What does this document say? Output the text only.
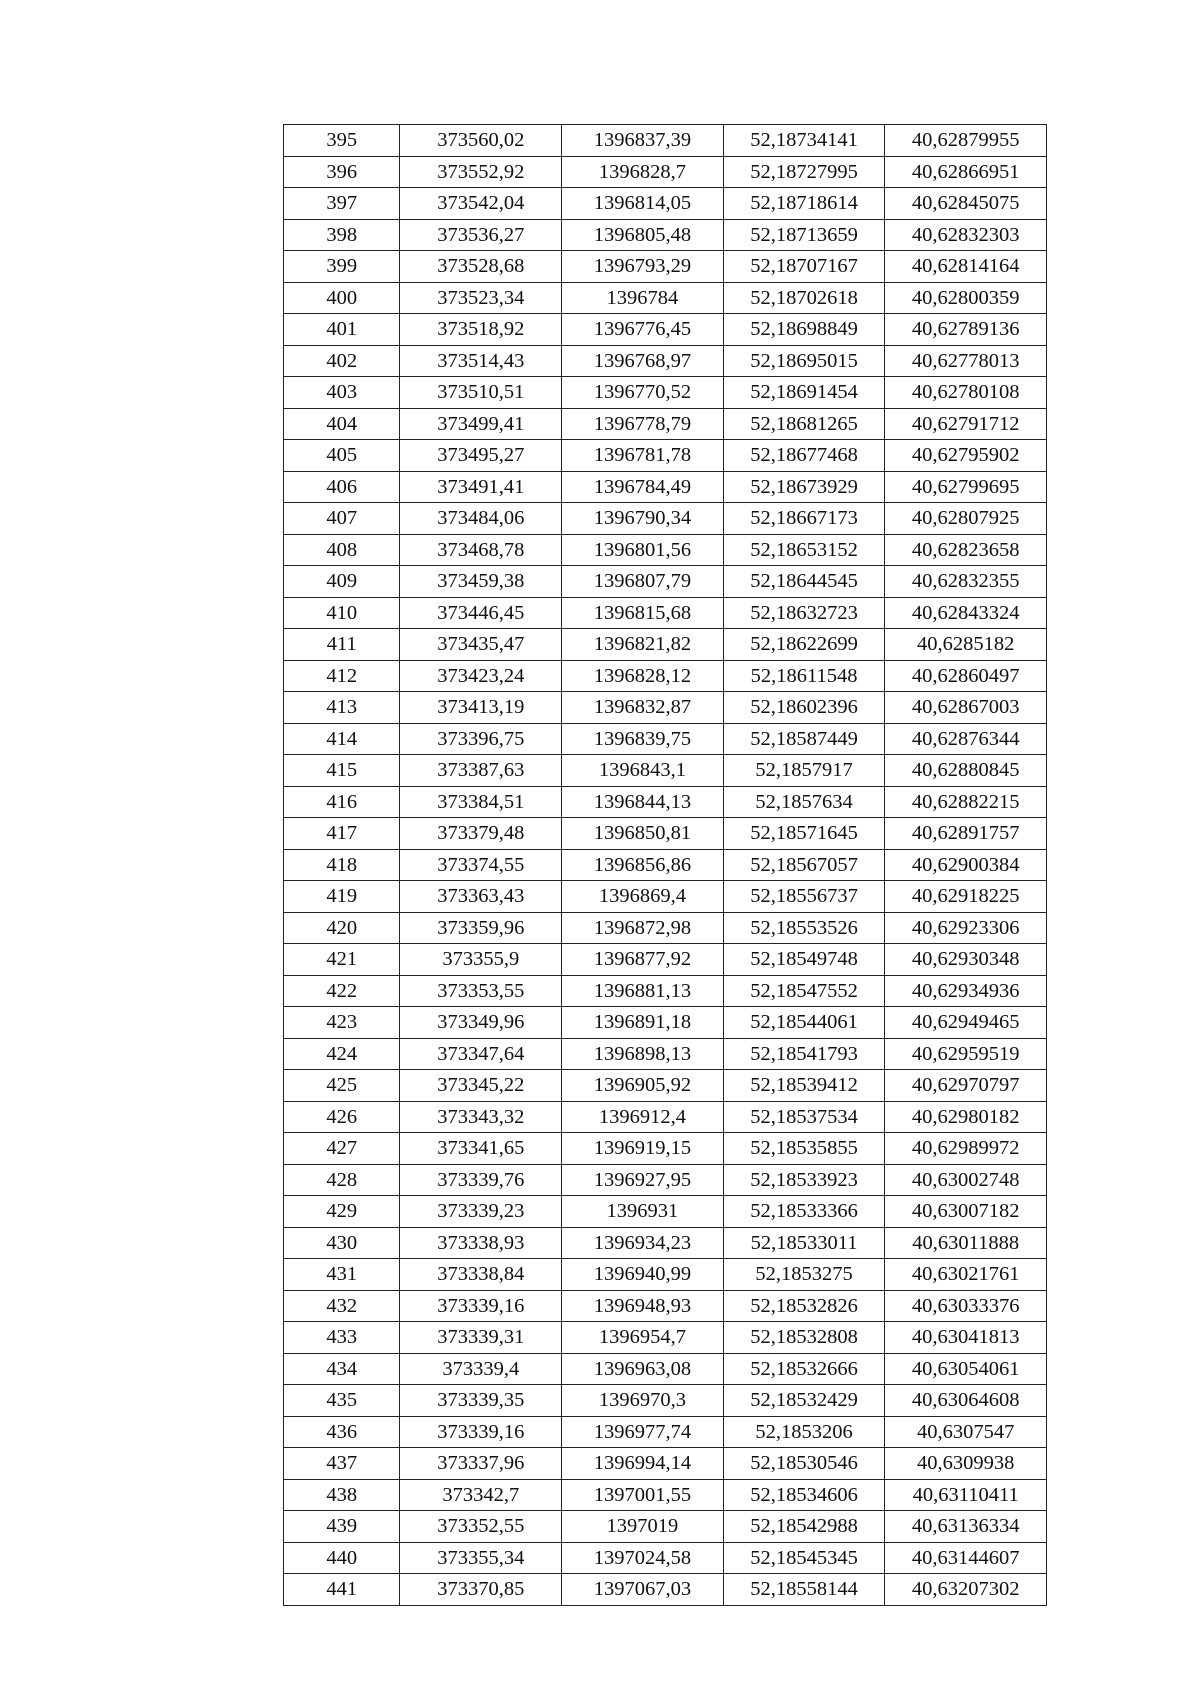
395	373560,02	1396837,39	52,18734141	40,62879955
396	373552,92	1396828,7	52,18727995	40,62866951
397	373542,04	1396814,05	52,18718614	40,62845075
398	373536,27	1396805,48	52,18713659	40,62832303
399	373528,68	1396793,29	52,18707167	40,62814164
400	373523,34	1396784	52,18702618	40,62800359
401	373518,92	1396776,45	52,18698849	40,62789136
402	373514,43	1396768,97	52,18695015	40,62778013
403	373510,51	1396770,52	52,18691454	40,62780108
404	373499,41	1396778,79	52,18681265	40,62791712
405	373495,27	1396781,78	52,18677468	40,62795902
406	373491,41	1396784,49	52,18673929	40,62799695
407	373484,06	1396790,34	52,18667173	40,62807925
408	373468,78	1396801,56	52,18653152	40,62823658
409	373459,38	1396807,79	52,18644545	40,62832355
410	373446,45	1396815,68	52,18632723	40,62843324
411	373435,47	1396821,82	52,18622699	40,6285182
412	373423,24	1396828,12	52,18611548	40,62860497
413	373413,19	1396832,87	52,18602396	40,62867003
414	373396,75	1396839,75	52,18587449	40,62876344
415	373387,63	1396843,1	52,1857917	40,62880845
416	373384,51	1396844,13	52,1857634	40,62882215
417	373379,48	1396850,81	52,18571645	40,62891757
418	373374,55	1396856,86	52,18567057	40,62900384
419	373363,43	1396869,4	52,18556737	40,62918225
420	373359,96	1396872,98	52,18553526	40,62923306
421	373355,9	1396877,92	52,18549748	40,62930348
422	373353,55	1396881,13	52,18547552	40,62934936
423	373349,96	1396891,18	52,18544061	40,62949465
424	373347,64	1396898,13	52,18541793	40,62959519
425	373345,22	1396905,92	52,18539412	40,62970797
426	373343,32	1396912,4	52,18537534	40,62980182
427	373341,65	1396919,15	52,18535855	40,62989972
428	373339,76	1396927,95	52,18533923	40,63002748
429	373339,23	1396931	52,18533366	40,63007182
430	373338,93	1396934,23	52,18533011	40,63011888
431	373338,84	1396940,99	52,1853275	40,63021761
432	373339,16	1396948,93	52,18532826	40,63033376
433	373339,31	1396954,7	52,18532808	40,63041813
434	373339,4	1396963,08	52,18532666	40,63054061
435	373339,35	1396970,3	52,18532429	40,63064608
436	373339,16	1396977,74	52,1853206	40,6307547
437	373337,96	1396994,14	52,18530546	40,6309938
438	373342,7	1397001,55	52,18534606	40,63110411
439	373352,55	1397019	52,18542988	40,63136334
440	373355,34	1397024,58	52,18545345	40,63144607
441	373370,85	1397067,03	52,18558144	40,63207302
